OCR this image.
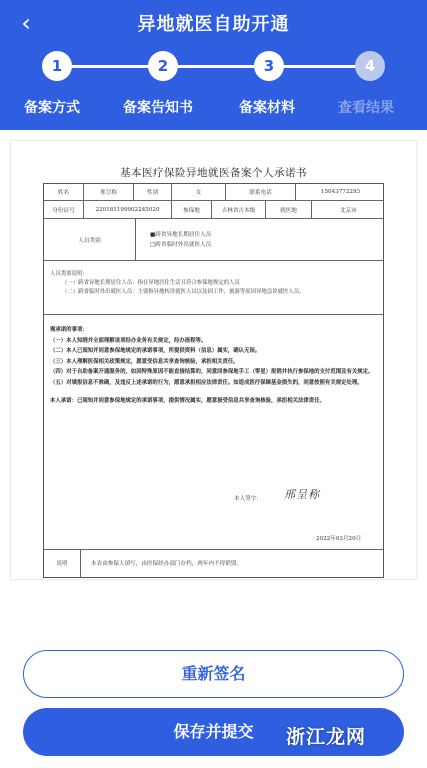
‹	异地就医自助开通
1	2	3	4
备案方式	备案告知书	备案材料	查看结果
基本医疗保险异地就医备案个人承诺书
姓名	邢呈称	性别	女	联系电话	15043772293
身份证号	220181199902245020	参保地	吉林省吉本级	就医地	北京市
人员类别
■跨省异地长期居住人员
□跨省临时外出就医人员
人员类别说明：
（一）跨省异地长期居住人员：指在异地居住生活且符合参保地规定的人员
（二）跨省临时外出就医人员：主要指异地转诊就医人员以及因工作、旅游等原因异地急诊就医人员。
需承诺的事项：
（一）本人知晓并全面理解该项经办业务有关规定，经办流程等。
（二）本人已阅知并同意参保地规定的承诺事项，所提供资料（信息）属实，确认无误。
（三）本人理解医保相关政策规定，愿意受信息共享查询核验，承担相关责任。
（四）对于自助备案开通服务的，如因特殊原因不能直接结算的，同意回参保地手工（零星）报销并执行参保地的支付范围及有关规定。
（五）对填报信息不准确，及违反上述承诺的行为，愿意承担相应法律责任。如造成医疗保障基金损失的，同意按照有关规定处理。
本人承诺：已阅知并同意参保地规定的承诺事项，提供情况属实，愿意接受信息共享查询核验，承担相关法律责任。
本人签字： 邢呈称
2022年03月20日
说明	本表由参保人填写，由医保经办部门存档，两年内不得销毁。
重新签名
保存并提交	浙江龙网
